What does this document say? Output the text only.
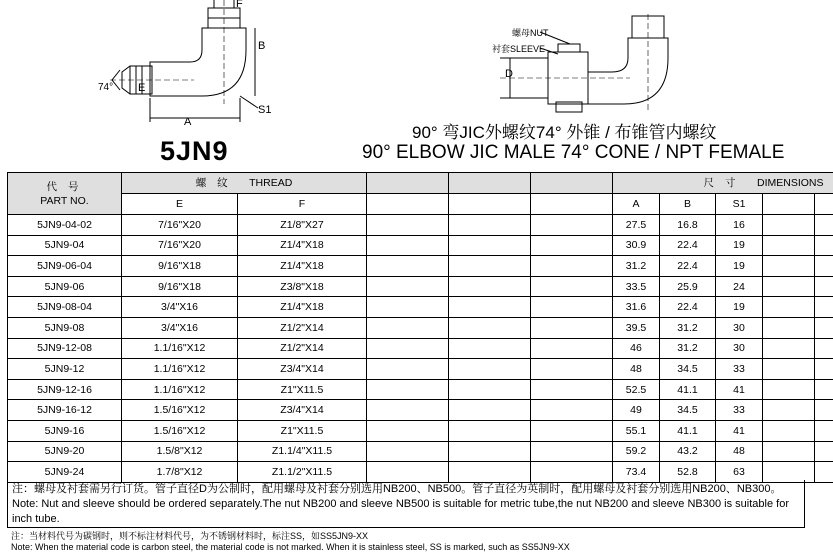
74° E
F
B
A
S1
螺母NUT
衬套SLEEVE
D
5JN9
90° 弯JIC外螺纹74° 外锥 / 布锥管内螺纹
90° ELBOW JIC MALE 74° CONE / NPT FEMALE
代 号
PART NO.	螺 纹 THREAD					尺 寸 DIMENSIONS					
	E	F				A	B	S1			
5JN9-04-02	7/16"X20	Z1/8"X27				27.5	16.8	16			
5JN9-04	7/16"X20	Z1/4"X18				30.9	22.4	19			
5JN9-06-04	9/16"X18	Z1/4"X18				31.2	22.4	19			
5JN9-06	9/16"X18	Z3/8"X18				33.5	25.9	24			
5JN9-08-04	3/4"X16	Z1/4"X18				31.6	22.4	19			
5JN9-08	3/4"X16	Z1/2"X14				39.5	31.2	30			
5JN9-12-08	1.1/16"X12	Z1/2"X14				46	31.2	30			
5JN9-12	1.1/16"X12	Z3/4"X14				48	34.5	33			
5JN9-12-16	1.1/16"X12	Z1"X11.5				52.5	41.1	41			
5JN9-16-12	1.5/16"X12	Z3/4"X14				49	34.5	33			
5JN9-16	1.5/16"X12	Z1"X11.5				55.1	41.1	41			
5JN9-20	1.5/8"X12	Z1.1/4"X11.5				59.2	43.2	48			
5JN9-24	1.7/8"X12	Z1.1/2"X11.5				73.4	52.8	63			
注：螺母及衬套需另行订货。管子直径D为公制时，配用螺母及衬套分别选用NB200、NB500。管子直径为英制时，配用螺母及衬套分别选用NB200、NB300。
Note: Nut and sleeve should be ordered separately.The nut NB200 and sleeve NB500 is suitable for metric tube,the nut NB200 and sleeve NB300 is suitable for inch tube.
注：当材料代号为碳钢时，则不标注材料代号，为不锈钢材料时，标注SS，如SS5JN9-XX
Note: When the material code is carbon steel, the material code is not marked. When it is stainless steel, SS is marked, such as SS5JN9-XX
